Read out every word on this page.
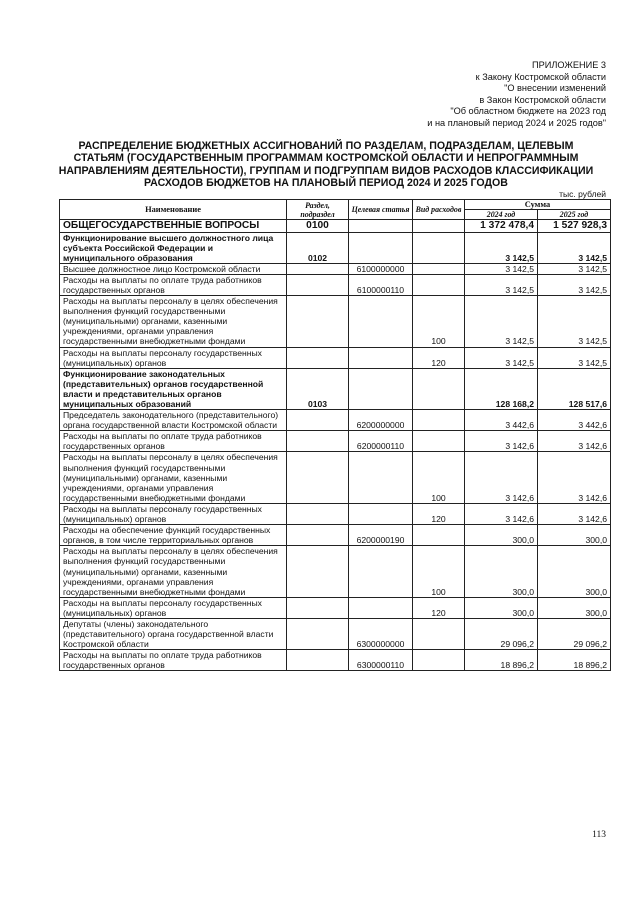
ПРИЛОЖЕНИЕ 3
к Закону Костромской области
"О внесении изменений
в Закон Костромской области
"Об областном бюджете на 2023 год
и на плановый период 2024 и 2025 годов"
РАСПРЕДЕЛЕНИЕ БЮДЖЕТНЫХ АССИГНОВАНИЙ ПО РАЗДЕЛАМ, ПОДРАЗДЕЛАМ, ЦЕЛЕВЫМ
СТАТЬЯМ (ГОСУДАРСТВЕННЫМ ПРОГРАММАМ КОСТРОМСКОЙ ОБЛАСТИ И НЕПРОГРАММНЫМ
НАПРАВЛЕНИЯМ ДЕЯТЕЛЬНОСТИ), ГРУППАМ И ПОДГРУППАМ ВИДОВ РАСХОДОВ КЛАССИФИКАЦИИ
РАСХОДОВ БЮДЖЕТОВ НА ПЛАНОВЫЙ ПЕРИОД 2024 И 2025 ГОДОВ
тыс. рублей
Наименование	Раздел, подраздел	Целевая статья	Вид расходов	Сумма	
				2024 год	2025 год
ОБЩЕГОСУДАРСТВЕННЫЕ ВОПРОСЫ	0100			1 372 478,4	1 527 928,3
Функционирование высшего должностного лица субъекта Российской Федерации и муниципального образования	0102			3 142,5	3 142,5
Высшее должностное лицо Костромской области		6100000000		3 142,5	3 142,5
Расходы на выплаты по оплате труда работников государственных органов		6100000110		3 142,5	3 142,5
Расходы на выплаты персоналу в целях обеспечения выполнения функций государственными (муниципальными) органами, казенными учреждениями, органами управления государственными внебюджетными фондами			100	3 142,5	3 142,5
Расходы на выплаты персоналу государственных (муниципальных) органов			120	3 142,5	3 142,5
Функционирование законодательных (представительных) органов государственной власти и представительных органов муниципальных образований	0103			128 168,2	128 517,6
Председатель законодательного (представительного) органа государственной власти Костромской области		6200000000		3 442,6	3 442,6
Расходы на выплаты по оплате труда работников государственных органов		6200000110		3 142,6	3 142,6
Расходы на выплаты персоналу в целях обеспечения выполнения функций государственными (муниципальными) органами, казенными учреждениями, органами управления государственными внебюджетными фондами			100	3 142,6	3 142,6
Расходы на выплаты персоналу государственных (муниципальных) органов			120	3 142,6	3 142,6
Расходы на обеспечение функций государственных органов, в том числе территориальных органов		6200000190		300,0	300,0
Расходы на выплаты персоналу в целях обеспечения выполнения функций государственными (муниципальными) органами, казенными учреждениями, органами управления государственными внебюджетными фондами			100	300,0	300,0
Расходы на выплаты персоналу государственных (муниципальных) органов			120	300,0	300,0
Депутаты (члены) законодательного (представительного) органа государственной власти Костромской области		6300000000		29 096,2	29 096,2
Расходы на выплаты по оплате труда работников государственных органов		6300000110		18 896,2	18 896,2
113
